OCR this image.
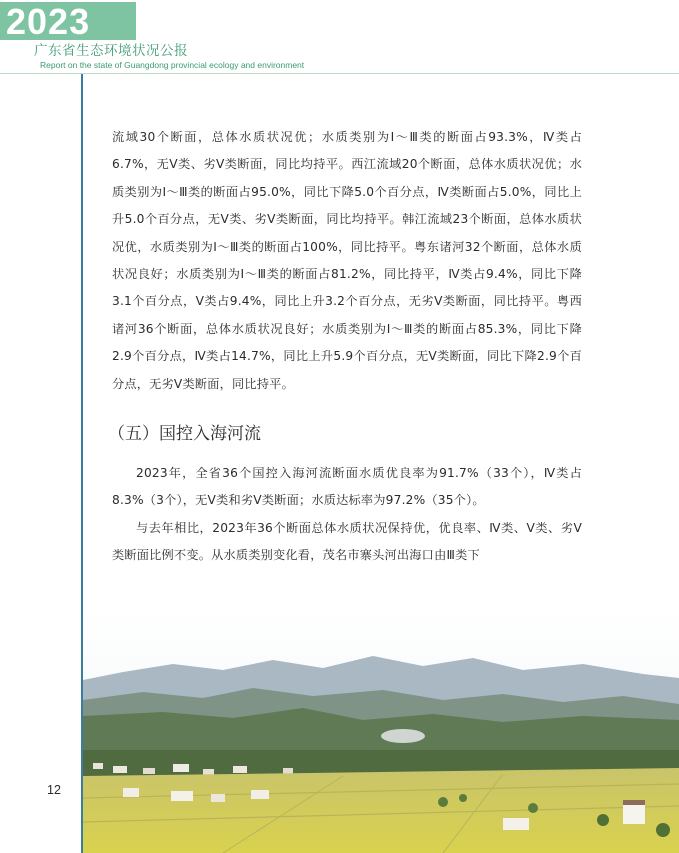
2023
广东省生态环境状况公报
Report on the state of Guangdong provincial ecology and environment

流域30个断面，总体水质状况优；水质类别为Ⅰ～Ⅲ类的断面占93.3%，Ⅳ类占6.7%，无Ⅴ类、劣Ⅴ类断面，同比均持平。西江流域20个断面，总体水质状况优；水质类别为Ⅰ～Ⅲ类的断面占95.0%，同比下降5.0个百分点，Ⅳ类断面占5.0%，同比上升5.0个百分点，无Ⅴ类、劣Ⅴ类断面，同比均持平。韩江流域23个断面，总体水质状况优，水质类别为Ⅰ～Ⅲ类的断面占100%，同比持平。粤东诸河32个断面，总体水质状况良好；水质类别为Ⅰ～Ⅲ类的断面占81.2%，同比持平，Ⅳ类占9.4%，同比下降3.1个百分点，Ⅴ类占9.4%，同比上升3.2个百分点，无劣Ⅴ类断面，同比持平。粤西诸河36个断面，总体水质状况良好；水质类别为Ⅰ～Ⅲ类的断面占85.3%，同比下降2.9个百分点，Ⅳ类占14.7%，同比上升5.9个百分点，无Ⅴ类断面，同比下降2.9个百分点，无劣Ⅴ类断面，同比持平。

（五）国控入海河流

2023年，全省36个国控入海河流断面水质优良率为91.7%（33个），Ⅳ类占8.3%（3个），无Ⅴ类和劣Ⅴ类断面；水质达标率为97.2%（35个）。

与去年相比，2023年36个断面总体水质状况保持优，优良率、Ⅳ类、Ⅴ类、劣Ⅴ类断面比例不变。从水质类别变化看，茂名市寨头河出海口由Ⅲ类下

12
